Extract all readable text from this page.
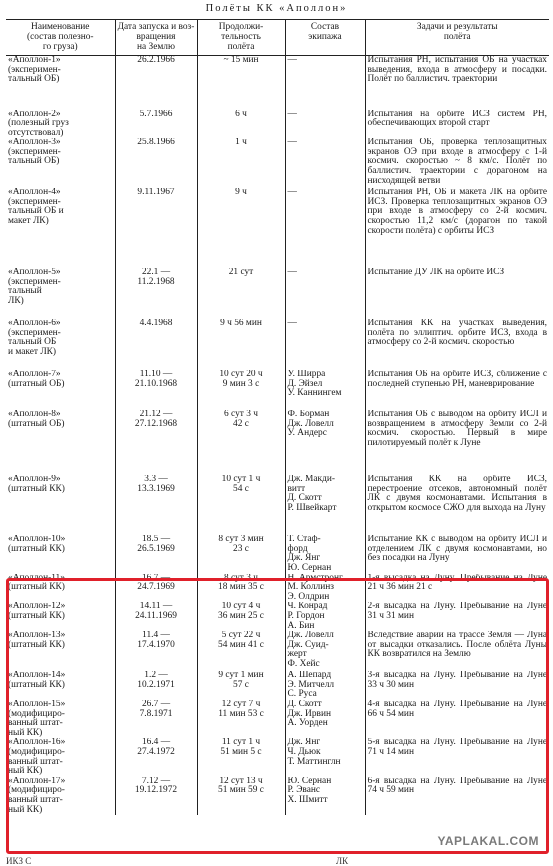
Полёты КК «Аполлон»
Наименование
(состав полезно-
го груза)	Дата запуска и воз-
вращения
на Землю	Продолжи-
тельность
полёта	Состав
экипажа	Задачи и результаты
полёта

«Аполлон-1»
(эксперимен-
тальный ОБ)	26.2.1966	~ 15 мин	—	Испытания РН, испытания ОБ на участках выведения, входа в атмосферу и посадки. Полёт по баллистич. траектории

«Аполлон-2»
(полезный груз
отсутствовал)	5.7.1966	6 ч	—	Испытания на орбите ИСЗ систем РН, обеспечивающих второй старт

«Аполлон-3»
(эксперимен-
тальный ОБ)	25.8.1966	1 ч	—	Испытания ОБ, проверка теплозащитных экранов ОЭ при входе в атмосферу с 1-й космич. скоростью ~ 8 км/с. Полёт по баллистич. траектории с дорагоном на нисходящей ветви

«Аполлон-4»
(эксперимен-
тальный ОБ и
макет ЛК)	9.11.1967	9 ч	—	Испытания РН, ОБ и макета ЛК на орбите ИСЗ. Проверка теплозащитных экранов ОЭ при входе в атмосферу со 2-й космич. скоростью 11,2 км/с (дорагон по такой скорости полёта) с орбиты ИСЗ

«Аполлон-5»
(эксперимен-
тальный
ЛК)	22.1 —
11.2.1968	21 сут	—	Испытание ДУ ЛК на орбите ИСЗ

«Аполлон-6»
(эксперимен-
тальный ОБ
и макет ЛК)	4.4.1968	9 ч 56 мин	—	Испытания КК на участках выведения, полёта по эллиптич. орбите ИСЗ, входа в атмосферу со 2-й космич. скоростью

«Аполлон-7»
(штатный ОБ)	11.10 —
21.10.1968	10 сут 20 ч
9 мин 3 с	У. Ширра
Д. Эйзел
У. Каннингем	Испытания ОБ на орбите ИСЗ, сближение с последней ступенью РН, маневрирование

«Аполлон-8»
(штатный ОБ)	21.12 —
27.12.1968	6 сут 3 ч
42 с	Ф. Борман
Дж. Ловелл
У. Андерс	Испытания ОБ с выводом на орбиту ИСЛ и возвращением в атмосферу Земли со 2-й космич. скоростью. Первый в мире пилотируемый полёт к Луне

«Аполлон-9»
(штатный КК)	3.3 —
13.3.1969	10 сут 1 ч
54 с	Дж. Макди-
витт
Д. Скотт
Р. Швейкарт	Испытания КК на орбите ИСЗ, перестроение отсеков, автономный полёт ЛК с двумя космонавтами. Испытания в открытом космосе СЖО для выхода на Луну

«Аполлон-10»
(штатный КК)	18.5 —
26.5.1969	8 сут 3 мин
23 с	Т. Стаф-
форд
Дж. Янг
Ю. Сернан	Испытание КК с выводом на орбиту ИСЛ и отделением ЛК с двумя космонавтами, но без посадки на Луну

«Аполлон-11»
(штатный КК)	16.7 —
24.7.1969	8 сут 3 ч
18 мин 35 с	Н. Армстронг
М. Коллинз
Э. Олдрин	1-я высадка на Луну. Пребывание на Луне 21 ч 36 мин 21 с

«Аполлон-12»
(штатный КК)	14.11 —
24.11.1969	10 сут 4 ч
36 мин 25 с	Ч. Конрад
Р. Гордон
А. Бин	2-я высадка на Луну. Пребывание на Луне 31 ч 31 мин

«Аполлон-13»
(штатный КК)	11.4 —
17.4.1970	5 сут 22 ч
54 мин 41 с	Дж. Ловелл
Дж. Суид-
жерт
Ф. Хейс	Вследствие аварии на трассе Земля — Луна от высадки отказались. После облёта Луны КК возвратился на Землю

«Аполлон-14»
(штатный КК)	1.2 —
10.2.1971	9 сут 1 мин
57 с	А. Шепард
Э. Митчелл
С. Руса	3-я высадка на Луну. Пребывание на Луне 33 ч 30 мин

«Аполлон-15»
(модифициро-
ванный штат-
ный КК)	26.7 —
7.8.1971	12 сут 7 ч
11 мин 53 с	Д. Скотт
Дж. Ирвин
А. Уорден	4-я высадка на Луну. Пребывание на Луне 66 ч 54 мин

«Аполлон-16»
(модифициро-
ванный штат-
ный КК)	16.4 —
27.4.1972	11 сут 1 ч
51 мин 5 с	Дж. Янг
Ч. Дьюк
Т. Маттинглн	5-я высадка на Луну. Пребывание на Луне 71 ч 14 мин

«Аполлон-17»
(модифициро-
ванный штат-
ный КК)	7.12 —
19.12.1972	12 сут 13 ч
51 мин 59 с	Ю. Сернан
Р. Эванс
Х. Шмитт	6-я высадка на Луну. Пребывание на Луне 74 ч 59 мин
YAPLAKAL.COM
ИКЗ С	ЛК
